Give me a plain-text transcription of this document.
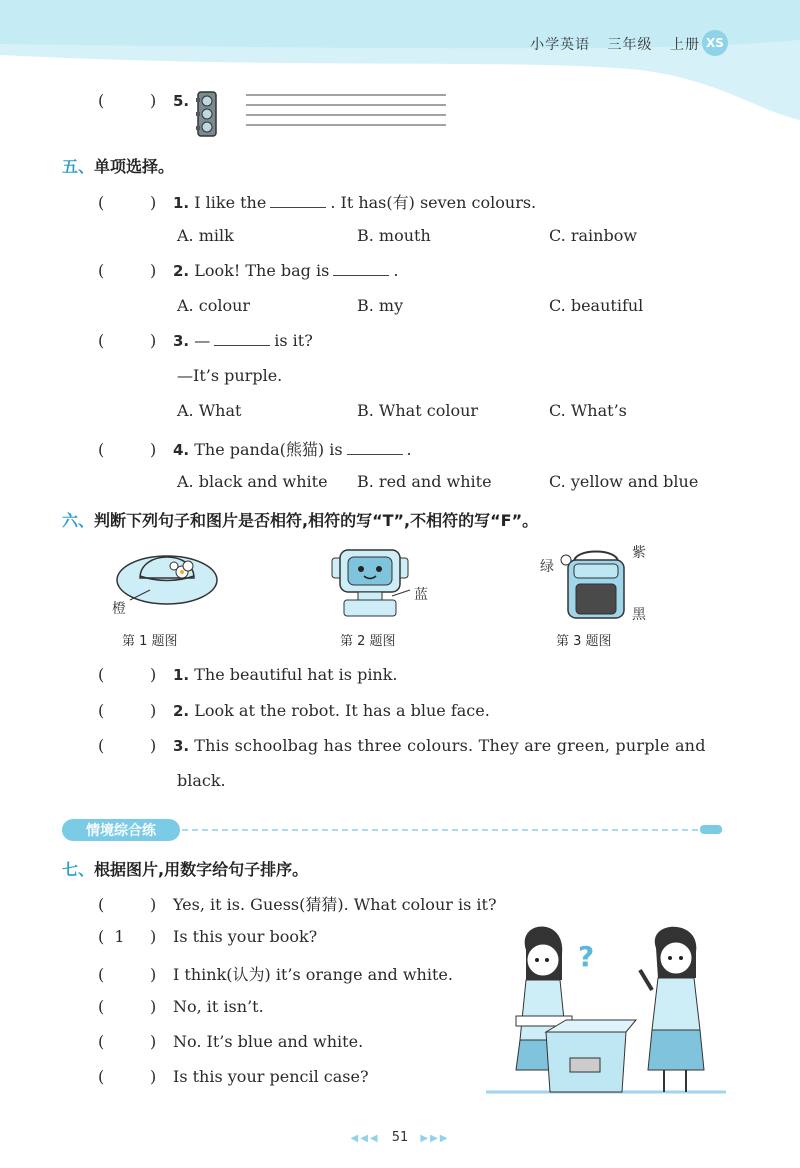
小学英语 三年级 上册 XS
(	) 5.
五、单项选择。
(	) 1. I like the	. It has(有) seven colours.
A. milk	B. mouth	C. rainbow
(	) 2. Look! The bag is	.
A. colour	B. my	C. beautiful
(	) 3. —	is it?
—It’s purple.
A. What	B. What colour	C. What’s
(	) 4. The panda(熊猫) is	.
A. black and white B. red and white	C. yellow and blue
六、判断下列句子和图片是否相符,相符的写“T”,不相符的写“F”。
橙
第 1 题图
蓝
第 2 题图
绿
紫
黑
第 3 题图
(	) 1. The beautiful hat is pink.
(	) 2. Look at the robot. It has a blue face.
(	) 3. This schoolbag has three colours. They are green, purple and
black.
情境综合练
七、根据图片,用数字给句子排序。
(	) Yes, it is. Guess(猜猜). What colour is it?
(  1 ) Is this your book?
(	) I think(认为) it’s orange and white.
(	) No, it isn’t.
(	) No. It’s blue and white.
(	) Is this your pencil case?
?
◀◀◀ 51 ▶▶▶
